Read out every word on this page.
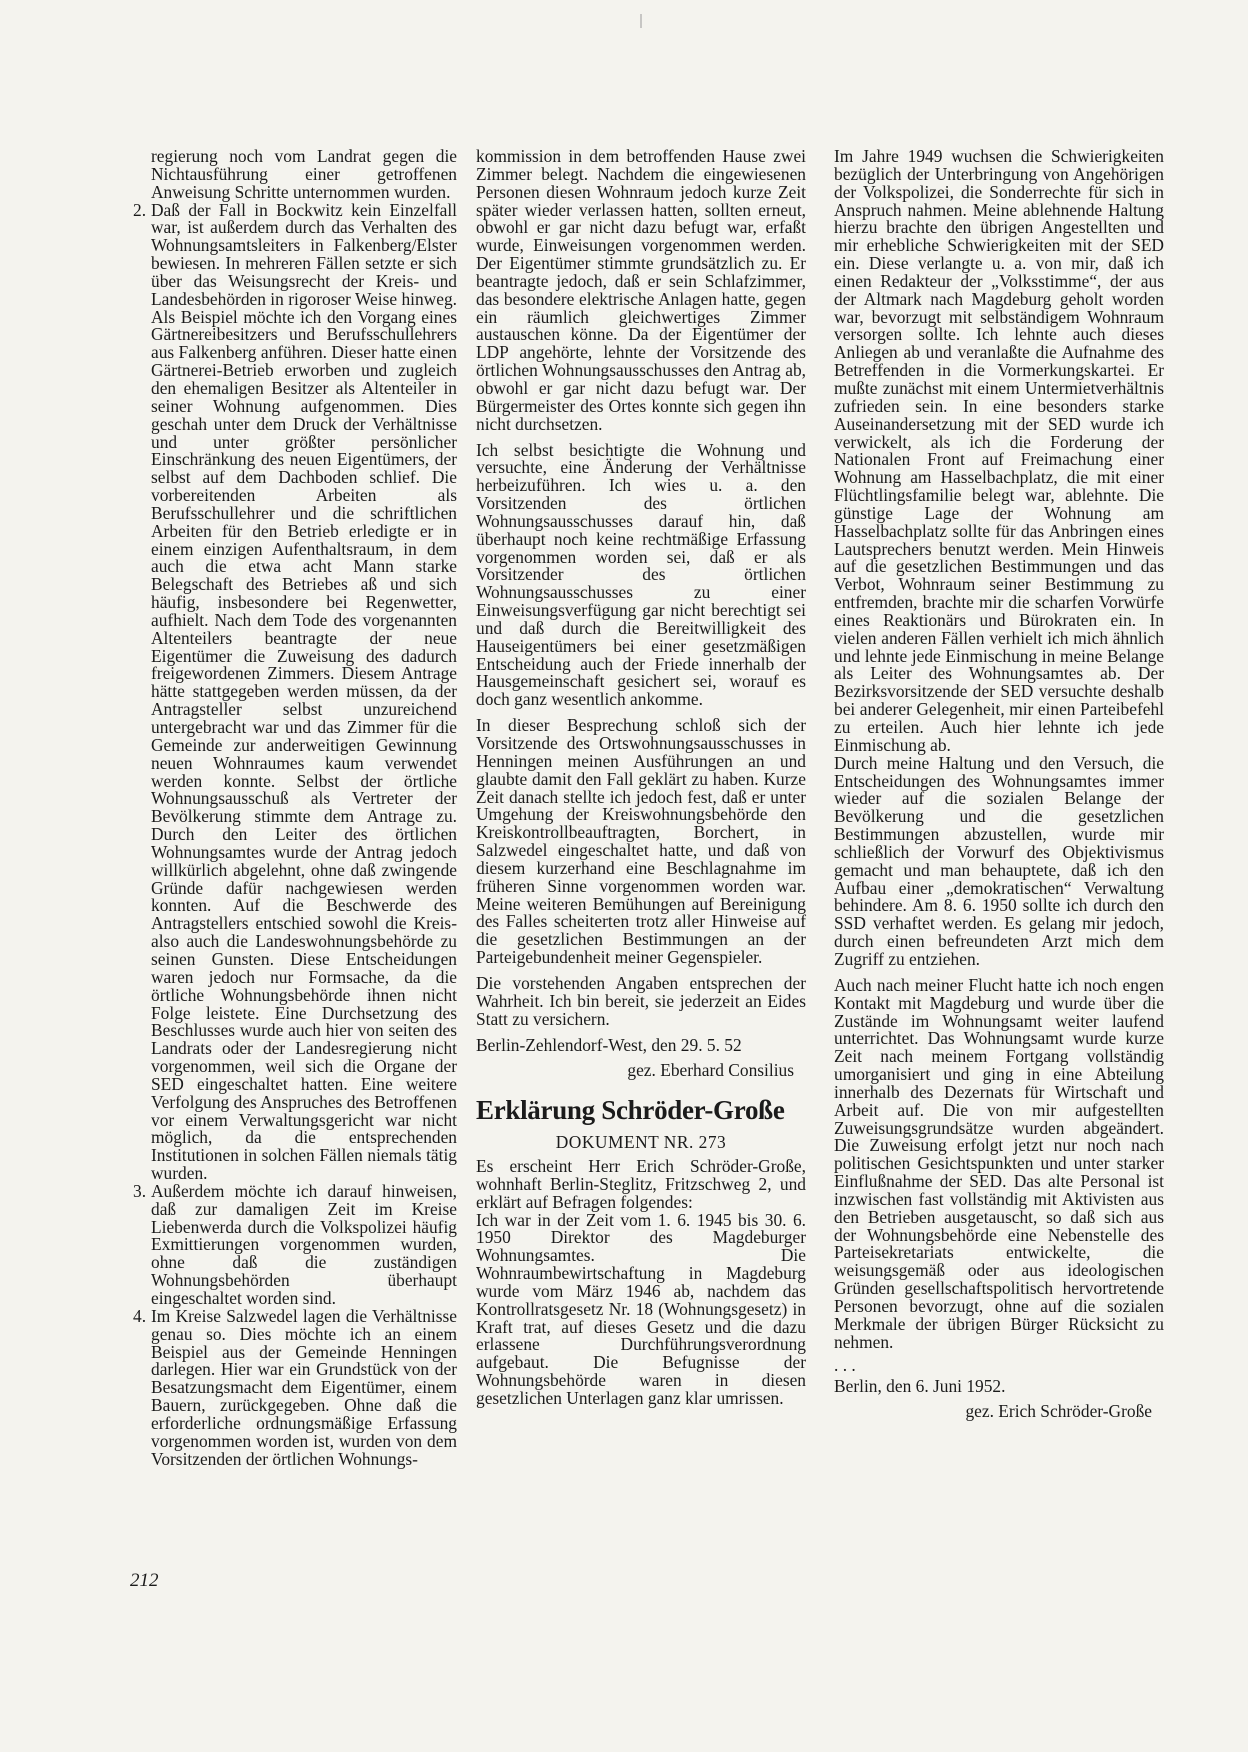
regierung noch vom Landrat gegen die Nichtausführung einer getroffenen Anweisung Schritte unternommen wurden.

2. Daß der Fall in Bockwitz kein Einzelfall war, ist außerdem durch das Verhalten des Wohnungsamtsleiters in Falkenberg/Elster bewiesen. In mehreren Fällen setzte er sich über das Weisungsrecht der Kreis- und Landesbehörden in rigoroser Weise hinweg. Als Beispiel möchte ich den Vorgang eines Gärtnereibesitzers und Berufsschullehrers aus Falkenberg anführen. Dieser hatte einen Gärtnerei-Betrieb erworben und zugleich den ehemaligen Besitzer als Altenteiler in seiner Wohnung aufgenommen. Dies geschah unter dem Druck der Verhältnisse und unter größter persönlicher Einschränkung des neuen Eigentümers, der selbst auf dem Dachboden schlief. Die vorbereitenden Arbeiten als Berufsschullehrer und die schriftlichen Arbeiten für den Betrieb erledigte er in einem einzigen Aufenthaltsraum, in dem auch die etwa acht Mann starke Belegschaft des Betriebes aß und sich häufig, insbesondere bei Regenwetter, aufhielt. Nach dem Tode des vorgenannten Altenteilers beantragte der neue Eigentümer die Zuweisung des dadurch freigewordenen Zimmers. Diesem Antrage hätte stattgegeben werden müssen, da der Antragsteller selbst unzureichend untergebracht war und das Zimmer für die Gemeinde zur anderweitigen Gewinnung neuen Wohnraumes kaum verwendet werden konnte. Selbst der örtliche Wohnungsausschuß als Vertreter der Bevölkerung stimmte dem Antrage zu. Durch den Leiter des örtlichen Wohnungsamtes wurde der Antrag jedoch willkürlich abgelehnt, ohne daß zwingende Gründe dafür nachgewiesen werden konnten. Auf die Beschwerde des Antragstellers entschied sowohl die Kreis- also auch die Landeswohnungsbehörde zu seinen Gunsten. Diese Entscheidungen waren jedoch nur Formsache, da die örtliche Wohnungsbehörde ihnen nicht Folge leistete. Eine Durchsetzung des Beschlusses wurde auch hier von seiten des Landrats oder der Landesregierung nicht vorgenommen, weil sich die Organe der SED eingeschaltet hatten. Eine weitere Verfolgung des Anspruches des Betroffenen vor einem Verwaltungsgericht war nicht möglich, da die entsprechenden Institutionen in solchen Fällen niemals tätig wurden.

3. Außerdem möchte ich darauf hinweisen, daß zur damaligen Zeit im Kreise Liebenwerda durch die Volkspolizei häufig Exmittierungen vorgenommen wurden, ohne daß die zuständigen Wohnungsbehörden überhaupt eingeschaltet worden sind.

4. Im Kreise Salzwedel lagen die Verhältnisse genau so. Dies möchte ich an einem Beispiel aus der Gemeinde Henningen darlegen. Hier war ein Grundstück von der Besatzungsmacht dem Eigentümer, einem Bauern, zurückgegeben. Ohne daß die erforderliche ordnungsmäßige Erfassung vorgenommen worden ist, wurden von dem Vorsitzenden der örtlichen Wohnungs-

kommission in dem betroffenden Hause zwei Zimmer belegt. Nachdem die eingewiesenen Personen diesen Wohnraum jedoch kurze Zeit später wieder verlassen hatten, sollten erneut, obwohl er gar nicht dazu befugt war, erfaßt wurde, Einweisungen vorgenommen werden. Der Eigentümer stimmte grundsätzlich zu. Er beantragte jedoch, daß er sein Schlafzimmer, das besondere elektrische Anlagen hatte, gegen ein räumlich gleichwertiges Zimmer austauschen könne. Da der Eigentümer der LDP angehörte, lehnte der Vorsitzende des örtlichen Wohnungsausschusses den Antrag ab, obwohl er gar nicht dazu befugt war. Der Bürgermeister des Ortes konnte sich gegen ihn nicht durchsetzen.

Ich selbst besichtigte die Wohnung und versuchte, eine Änderung der Verhältnisse herbeizuführen. Ich wies u. a. den Vorsitzenden des örtlichen Wohnungsausschusses darauf hin, daß überhaupt noch keine rechtmäßige Erfassung vorgenommen worden sei, daß er als Vorsitzender des örtlichen Wohnungsausschusses zu einer Einweisungsverfügung gar nicht berechtigt sei und daß durch die Bereitwilligkeit des Hauseigentümers bei einer gesetzmäßigen Entscheidung auch der Friede innerhalb der Hausgemeinschaft gesichert sei, worauf es doch ganz wesentlich ankomme.

In dieser Besprechung schloß sich der Vorsitzende des Ortswohnungsausschusses in Henningen meinen Ausführungen an und glaubte damit den Fall geklärt zu haben. Kurze Zeit danach stellte ich jedoch fest, daß er unter Umgehung der Kreiswohnungsbehörde den Kreiskontrollbeauftragten, Borchert, in Salzwedel eingeschaltet hatte, und daß von diesem kurzerhand eine Beschlagnahme im früheren Sinne vorgenommen worden war. Meine weiteren Bemühungen auf Bereinigung des Falles scheiterten trotz aller Hinweise auf die gesetzlichen Bestimmungen an der Parteigebundenheit meiner Gegenspieler.

Die vorstehenden Angaben entsprechen der Wahrheit. Ich bin bereit, sie jederzeit an Eides Statt zu versichern.

Berlin-Zehlendorf-West, den 29. 5. 52

gez. Eberhard Consilius

Erklärung Schröder-Große
DOKUMENT NR. 273

Es erscheint Herr Erich Schröder-Große, wohnhaft Berlin-Steglitz, Fritzschweg 2, und erklärt auf Befragen folgendes:

Ich war in der Zeit vom 1. 6. 1945 bis 30. 6. 1950 Direktor des Magdeburger Wohnungsamtes. Die Wohnraumbewirtschaftung in Magdeburg wurde vom März 1946 ab, nachdem das Kontrollratsgesetz Nr. 18 (Wohnungsgesetz) in Kraft trat, auf dieses Gesetz und die dazu erlassene Durchführungsverordnung aufgebaut. Die Befugnisse der Wohnungsbehörde waren in diesen gesetzlichen Unterlagen ganz klar umrissen.

Im Jahre 1949 wuchsen die Schwierigkeiten bezüglich der Unterbringung von Angehörigen der Volkspolizei, die Sonderrechte für sich in Anspruch nahmen. Meine ablehnende Haltung hierzu brachte den übrigen Angestellten und mir erhebliche Schwierigkeiten mit der SED ein. Diese verlangte u. a. von mir, daß ich einen Redakteur der „Volksstimme“, der aus der Altmark nach Magdeburg geholt worden war, bevorzugt mit selbständigem Wohnraum versorgen sollte. Ich lehnte auch dieses Anliegen ab und veranlaßte die Aufnahme des Betreffenden in die Vormerkungskartei. Er mußte zunächst mit einem Untermietverhältnis zufrieden sein. In eine besonders starke Auseinandersetzung mit der SED wurde ich verwickelt, als ich die Forderung der Nationalen Front auf Freimachung einer Wohnung am Hasselbachplatz, die mit einer Flüchtlingsfamilie belegt war, ablehnte. Die günstige Lage der Wohnung am Hasselbachplatz sollte für das Anbringen eines Lautsprechers benutzt werden. Mein Hinweis auf die gesetzlichen Bestimmungen und das Verbot, Wohnraum seiner Bestimmung zu entfremden, brachte mir die scharfen Vorwürfe eines Reaktionärs und Bürokraten ein. In vielen anderen Fällen verhielt ich mich ähnlich und lehnte jede Einmischung in meine Belange als Leiter des Wohnungsamtes ab. Der Bezirksvorsitzende der SED versuchte deshalb bei anderer Gelegenheit, mir einen Parteibefehl zu erteilen. Auch hier lehnte ich jede Einmischung ab.

Durch meine Haltung und den Versuch, die Entscheidungen des Wohnungsamtes immer wieder auf die sozialen Belange der Bevölkerung und die gesetzlichen Bestimmungen abzustellen, wurde mir schließlich der Vorwurf des Objektivismus gemacht und man behauptete, daß ich den Aufbau einer „demokratischen“ Verwaltung behindere. Am 8. 6. 1950 sollte ich durch den SSD verhaftet werden. Es gelang mir jedoch, durch einen befreundeten Arzt mich dem Zugriff zu entziehen.

Auch nach meiner Flucht hatte ich noch engen Kontakt mit Magdeburg und wurde über die Zustände im Wohnungsamt weiter laufend unterrichtet. Das Wohnungsamt wurde kurze Zeit nach meinem Fortgang vollständig umorganisiert und ging in eine Abteilung innerhalb des Dezernats für Wirtschaft und Arbeit auf. Die von mir aufgestellten Zuweisungsgrundsätze wurden abgeändert. Die Zuweisung erfolgt jetzt nur noch nach politischen Gesichtspunkten und unter starker Einflußnahme der SED. Das alte Personal ist inzwischen fast vollständig mit Aktivisten aus den Betrieben ausgetauscht, so daß sich aus der Wohnungsbehörde eine Nebenstelle des Parteisekretariats entwickelte, die weisungsgemäß oder aus ideologischen Gründen gesellschaftspolitisch hervortretende Personen bevorzugt, ohne auf die sozialen Merkmale der übrigen Bürger Rücksicht zu nehmen.

. . .

Berlin, den 6. Juni 1952.

gez. Erich Schröder-Große

212
